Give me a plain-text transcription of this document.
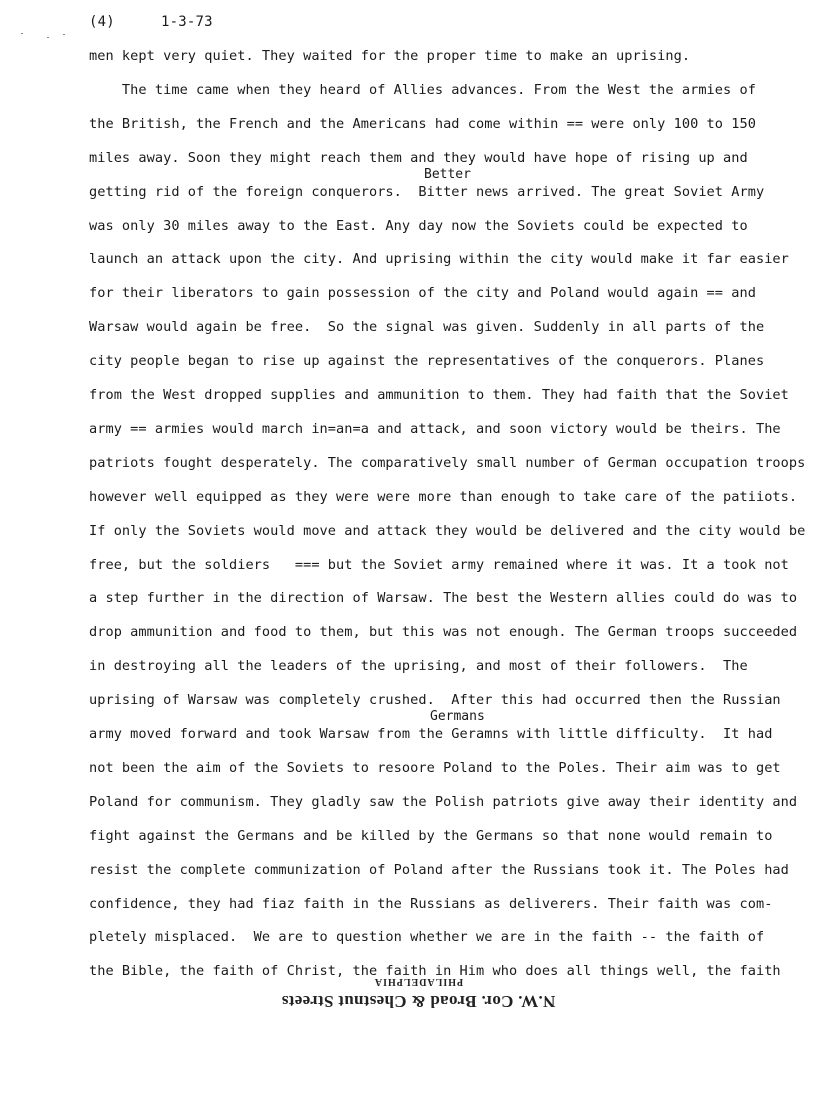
(4)	1-3-73
men kept very quiet. They waited for the proper time to make an uprising.
The time came when they heard of Allies advances. From the West the armies of
the British, the French and the Americans had come within == were only 100 to 150
miles away. Soon they might reach them and they would have hope of rising up and
getting rid of the foreign conquerors.  Bitter news arrived. The great Soviet Army
was only 30 miles away to the East. Any day now the Soviets could be expected to
launch an attack upon the city. And uprising within the city would make it far easier
for their liberators to gain possession of the city and Poland would again == and
Warsaw would again be free.  So the signal was given. Suddenly in all parts of the
city people began to rise up against the representatives of the conquerors. Planes
from the West dropped supplies and ammunition to them. They had faith that the Soviet
army == armies would march in=an=a and attack, and soon victory would be theirs. The
patriots fought desperately. The comparatively small number of German occupation troops
however well equipped as they were were more than enough to take care of the patiiots.
If only the Soviets would move and attack they would be delivered and the city would be
free, but the soldiers   === but the Soviet army remained where it was. It a took not
a step further in the direction of Warsaw. The best the Western allies could do was to
drop ammunition and food to them, but this was not enough. The German troops succeeded
in destroying all the leaders of the uprising, and most of their followers.  The
uprising of Warsaw was completely crushed.  After this had occurred then the Russian
army moved forward and took Warsaw from the Geramns with little difficulty.  It had
not been the aim of the Soviets to resoore Poland to the Poles. Their aim was to get
Poland for communism. They gladly saw the Polish patriots give away their identity and
fight against the Germans and be killed by the Germans so that none would remain to
resist the complete communization of Poland after the Russians took it. The Poles had
confidence, they had fiaz faith in the Russians as deliverers. Their faith was com-
pletely misplaced.  We are to question whether we are in the faith -- the faith of
the Bible, the faith of Christ, the faith in Him who does all things well, the faith
Better
Germans
PHILADELPHIA
N.W. Cor. Broad & Chestnut Streets
